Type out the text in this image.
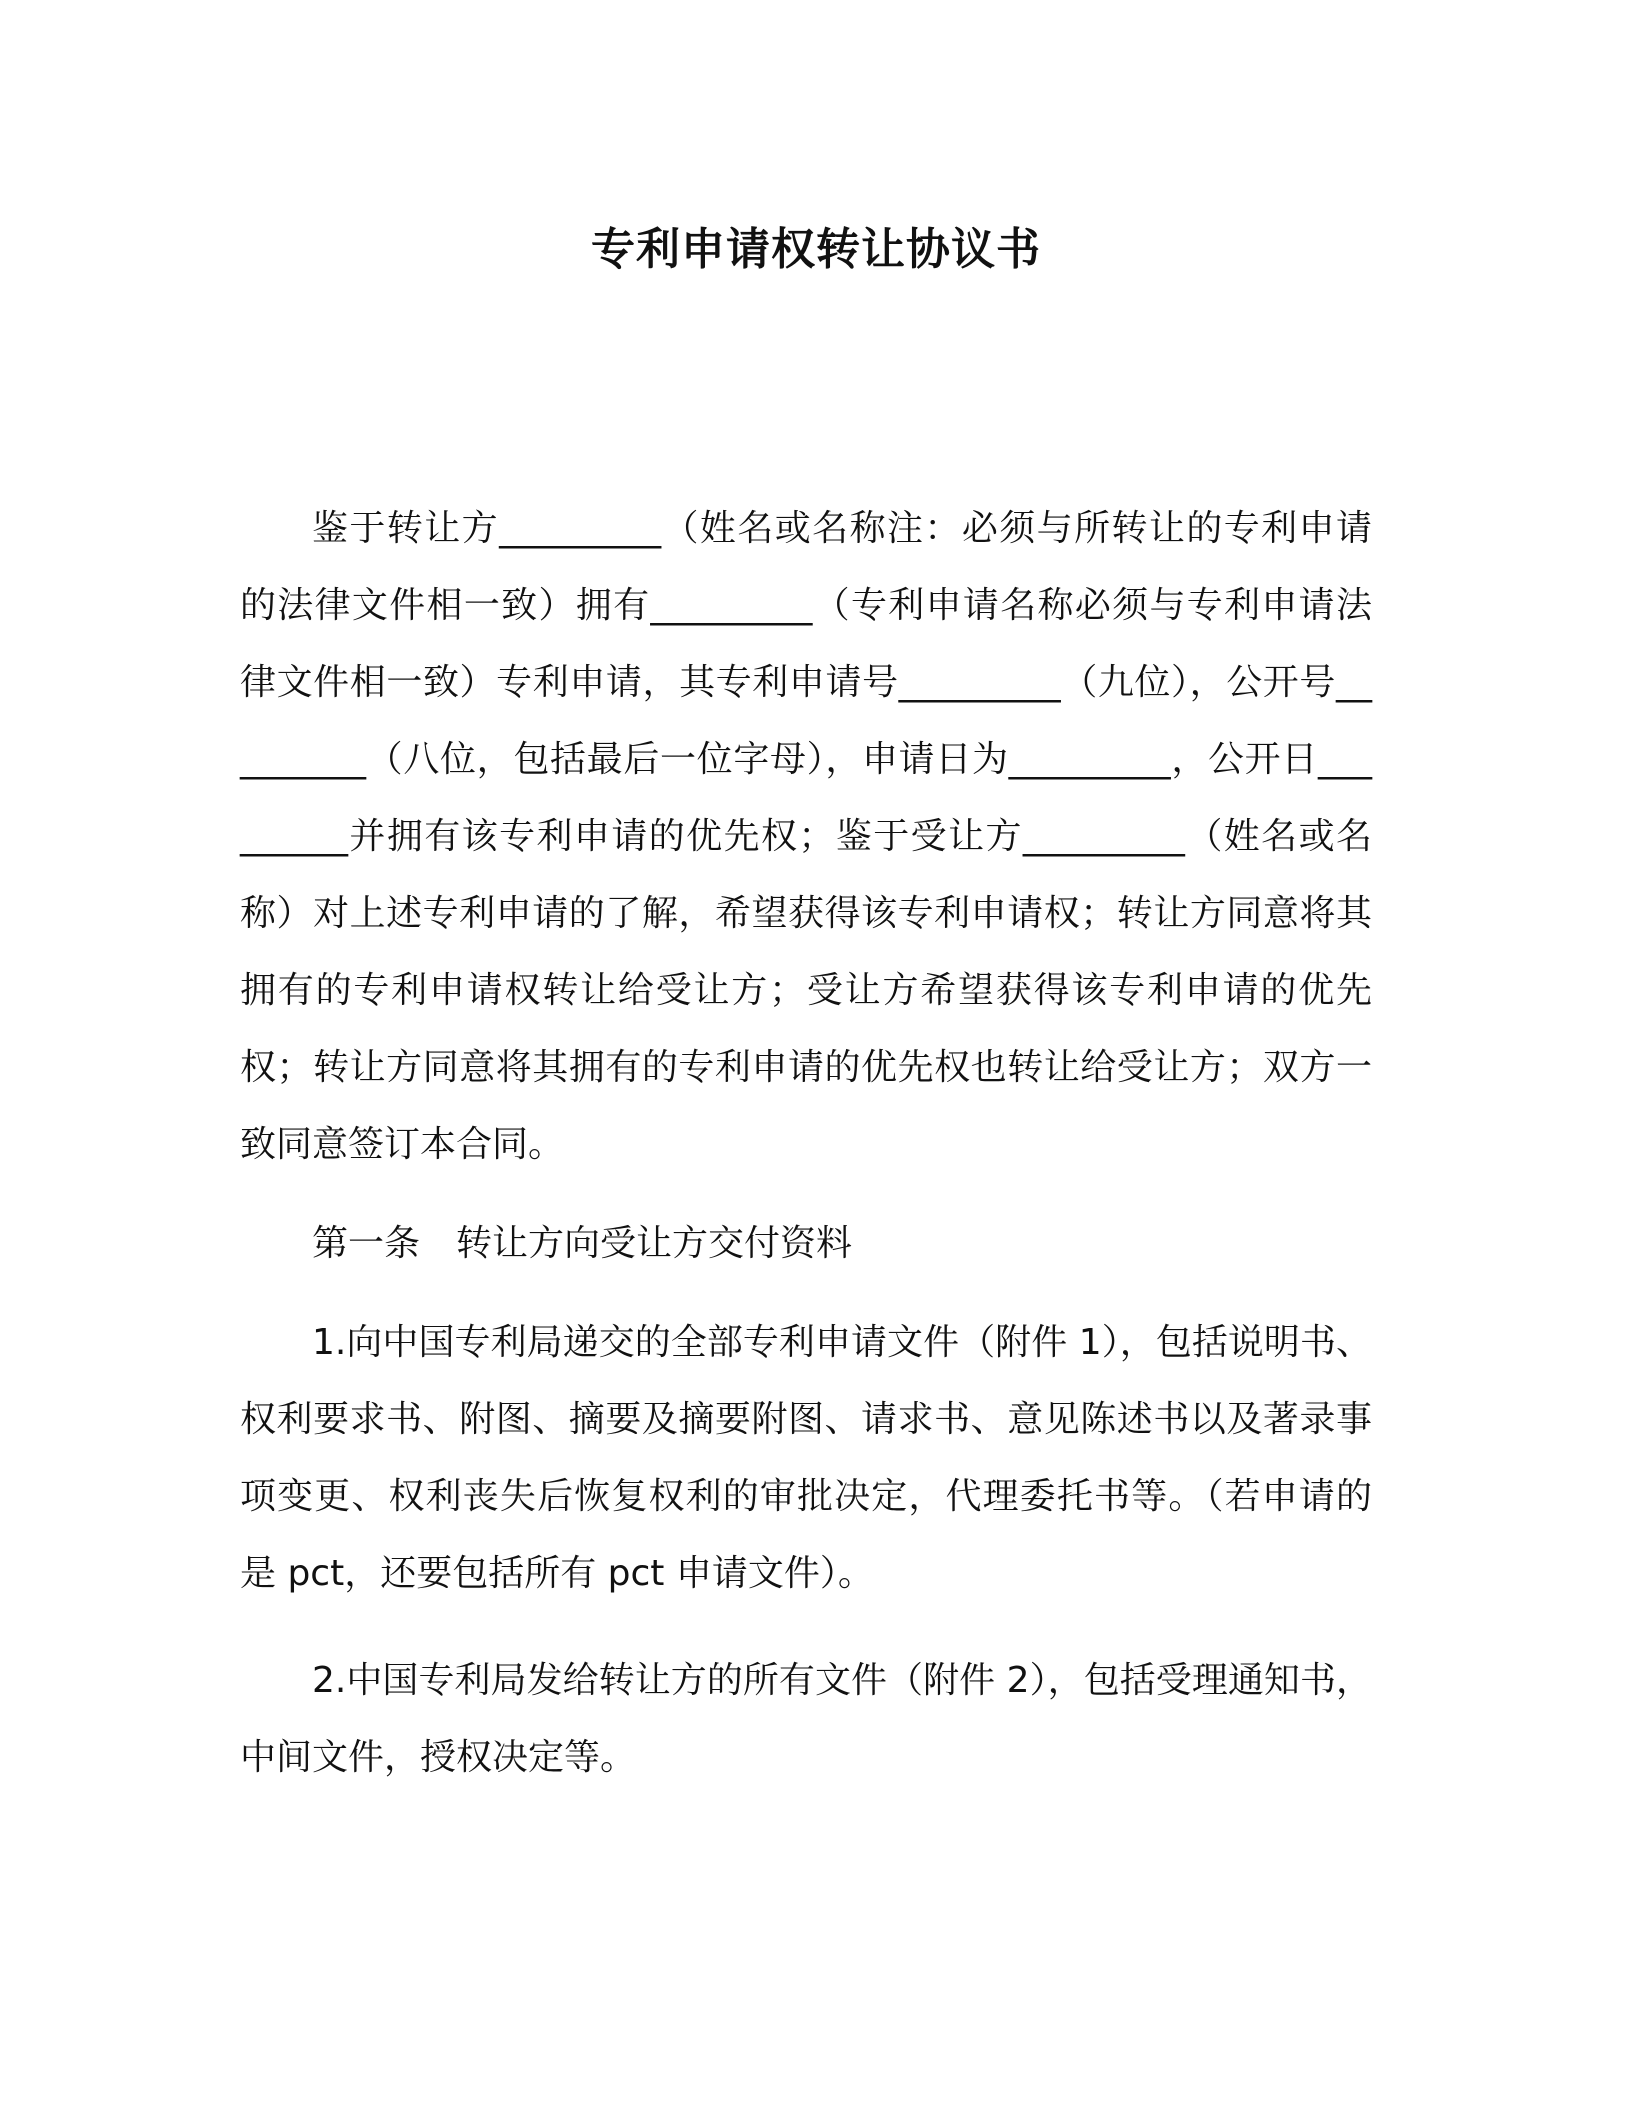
专利申请权转让协议书

鉴于转让方_________（姓名或名称注：必须与所转让的专利申请的法律文件相一致）拥有_________（专利申请名称必须与专利申请法律文件相一致）专利申请，其专利申请号_________（九位），公开号_________（八位，包括最后一位字母），申请日为_________，公开日_________并拥有该专利申请的优先权；鉴于受让方_________（姓名或名称）对上述专利申请的了解，希望获得该专利申请权；转让方同意将其拥有的专利申请权转让给受让方；受让方希望获得该专利申请的优先权；转让方同意将其拥有的专利申请的优先权也转让给受让方；双方一致同意签订本合同。

第一条　转让方向受让方交付资料

1.向中国专利局递交的全部专利申请文件（附件 1），包括说明书、权利要求书、附图、摘要及摘要附图、请求书、意见陈述书以及著录事项变更、权利丧失后恢复权利的审批决定，代理委托书等。（若申请的是 pct，还要包括所有 pct 申请文件）。

2.中国专利局发给转让方的所有文件（附件 2），包括受理通知书，中间文件，授权决定等。
